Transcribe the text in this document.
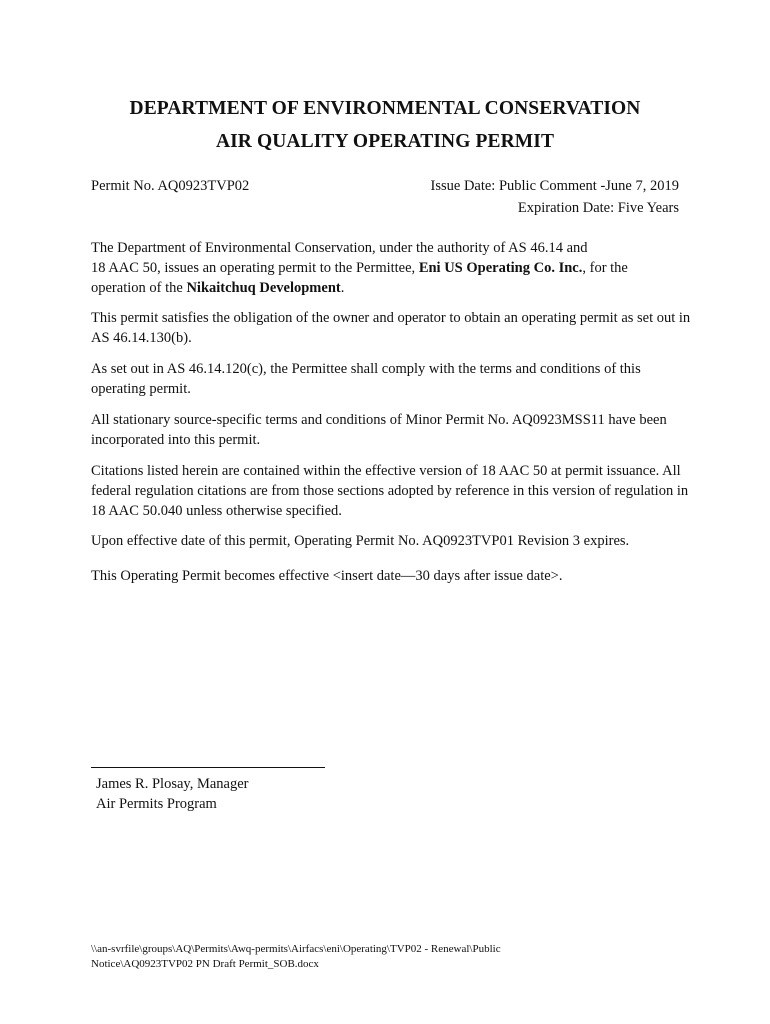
DEPARTMENT OF ENVIRONMENTAL CONSERVATION
AIR QUALITY OPERATING PERMIT
Permit No. AQ0923TVP02	Issue Date: Public Comment -June 7, 2019
Expiration Date: Five Years

The Department of Environmental Conservation, under the authority of AS 46.14 and
18 AAC 50, issues an operating permit to the Permittee, Eni US Operating Co. Inc., for the
operation of the Nikaitchuq Development.

This permit satisfies the obligation of the owner and operator to obtain an operating permit as set out in AS 46.14.130(b).

As set out in AS 46.14.120(c), the Permittee shall comply with the terms and conditions of this operating permit.

All stationary source-specific terms and conditions of Minor Permit No. AQ0923MSS11 have been incorporated into this permit.

Citations listed herein are contained within the effective version of 18 AAC 50 at permit issuance. All federal regulation citations are from those sections adopted by reference in this version of regulation in 18 AAC 50.040 unless otherwise specified.

Upon effective date of this permit, Operating Permit No. AQ0923TVP01 Revision 3 expires.

This Operating Permit becomes effective <insert date—30 days after issue date>.

James R. Plosay, Manager
Air Permits Program
\\an-svrfile\groups\AQ\Permits\Awq-permits\Airfacs\eni\Operating\TVP02 - Renewal\Public
Notice\AQ0923TVP02 PN Draft Permit_SOB.docx
